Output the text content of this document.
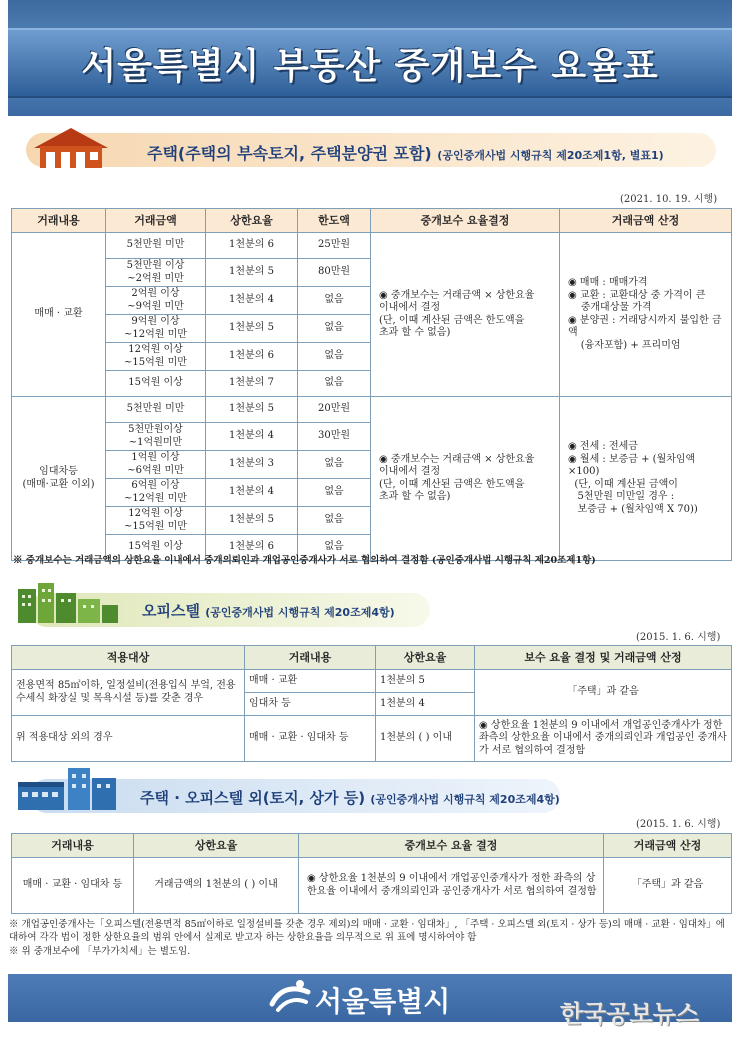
서울특별시 부동산 중개보수 요율표
주택(주택의 부속토지, 주택분양권 포함) (공인중개사법 시행규칙 제20조제1항, 별표1)
(2021. 10. 19. 시행)
거래내용	거래금액	상한요율	한도액	중개보수 요율결정	거래금액 산정
매매 · 교환	5천만원 미만	1천분의 6	25만원	◉ 중개보수는 거래금액 × 상한요율
이내에서 결정
(단, 이때 계산된 금액은 한도액을
초과 할 수 없음)	◉ 매매 : 매매가격
◉ 교환 : 교환대상 중 가격이 큰
중개대상물 가격
◉ 분양권 : 거래당시까지 불입한 금액
(융자포함) + 프리미엄
	5천만원 이상
~2억원 미만	1천분의 5	80만원		
	2억원 이상
~9억원 미만	1천분의 4	없음		
	9억원 이상
~12억원 미만	1천분의 5	없음		
	12억원 이상
~15억원 미만	1천분의 6	없음		
	15억원 이상	1천분의 7	없음		
임대차등
(매매·교환 이외)	5천만원 미만	1천분의 5	20만원	◉ 중개보수는 거래금액 × 상한요율
이내에서 결정
(단, 이때 계산된 금액은 한도액을
초과 할 수 없음)	◉ 전세 : 전세금
◉ 월세 : 보증금 + (월차임액 ×100)
(단, 이때 계산된 금액이
5천만원 미만일 경우 :
보증금 + (월차임액 X 70))
	5천만원이상
~1억원미만	1천분의 4	30만원		
	1억원 이상
~6억원 미만	1천분의 3	없음		
	6억원 이상
~12억원 미만	1천분의 4	없음		
	12억원 이상
~15억원 미만	1천분의 5	없음		
	15억원 이상	1천분의 6	없음		
※ 중개보수는 거래금액의 상한요율 이내에서 중개의뢰인과 개업공인중개사가 서로 협의하여 결정함 (공인중개사법 시행규칙 제20조제1항)
오피스텔 (공인중개사법 시행규칙 제20조제4항)
(2015. 1. 6. 시행)
적용대상	거래내용	상한요율	보수 요율 결정 및 거래금액 산정
전용면적 85㎡이하, 일정설비(전용입식 부엌, 전용 수세식 화장실 및 목욕시설 등)를 갖춘 경우	매매 · 교환	1천분의 5	「주택」과 같음
	임대차 등	1천분의 4	
위 적용대상 외의 경우	매매 · 교환 · 임대차 등	1천분의 ( ) 이내	◉ 상한요율 1천분의 9 이내에서 개업공인중개사가 정한 좌측의 상한요율 이내에서 중개의뢰인과 개업공인 중개사가 서로 협의하여 결정함
주택 · 오피스텔 외(토지, 상가 등) (공인중개사법 시행규칙 제20조제4항)
(2015. 1. 6. 시행)
거래내용	상한요율	중개보수 요율 결정	거래금액 산정
매매 · 교환 · 임대차 등	거래금액의 1천분의 ( ) 이내	◉ 상한요율 1천분의 9 이내에서 개업공인중개사가 정한 좌측의 상한요율 이내에서 중개의뢰인과 공인중개사가 서로 협의하여 결정함	「주택」과 같음
※ 개업공인중개사는「오피스텔(전용면적 85㎡이하로 일정설비를 갖춘 경우 제외)의 매매 · 교환 · 임대차」, 「주택 · 오피스텔 외(토지 · 상가 등)의 매매 · 교환 · 임대차」에 대하여 각각 법이 정한 상한요율의 범위 안에서 실제로 받고자 하는 상한요율을 의무적으로 위 표에 명시하여야 함
※ 위 중개보수에 「부가가치세」는 별도임.
서울특별시	한국공보뉴스
